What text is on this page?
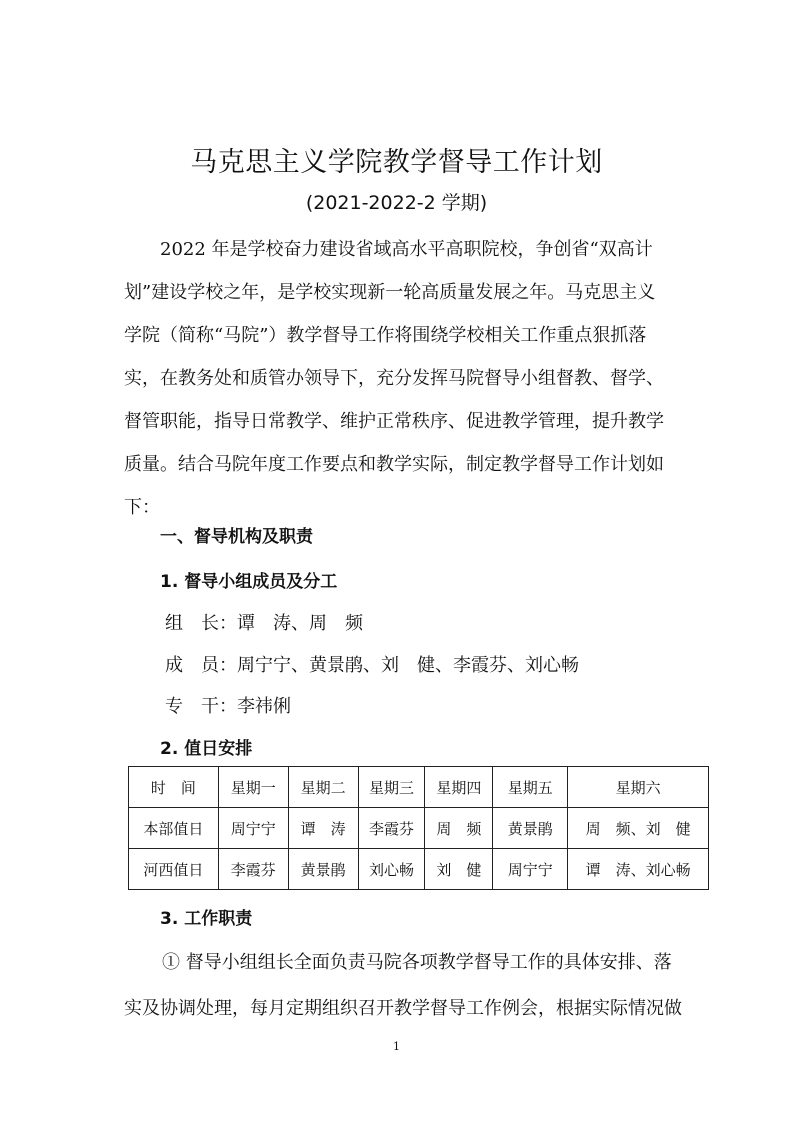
马克思主义学院教学督导工作计划
(2021-2022-2 学期)
2022 年是学校奋力建设省域高水平高职院校，争创省“双高计
划”建设学校之年，是学校实现新一轮高质量发展之年。马克思主义
学院（简称“马院”）教学督导工作将围绕学校相关工作重点狠抓落
实，在教务处和质管办领导下，充分发挥马院督导小组督教、督学、
督管职能，指导日常教学、维护正常秩序、促进教学管理，提升教学
质量。结合马院年度工作要点和教学实际，制定教学督导工作计划如
下：
一、督导机构及职责
1. 督导小组成员及分工
组　长：谭　涛、周　频
成　员：周宁宁、黄景鹃、刘　健、李霞芬、刘心畅
专　干：李祎俐
2. 值日安排
时　间	星期一	星期二	星期三	星期四	星期五	星期六
本部值日	周宁宁	谭　涛	李霞芬	周　频	黄景鹃	周　频、刘　健
河西值日	李霞芬	黄景鹃	刘心畅	刘　健	周宁宁	谭　涛、刘心畅
3. 工作职责
① 督导小组组长全面负责马院各项教学督导工作的具体安排、落
实及协调处理，每月定期组织召开教学督导工作例会，根据实际情况做
1
